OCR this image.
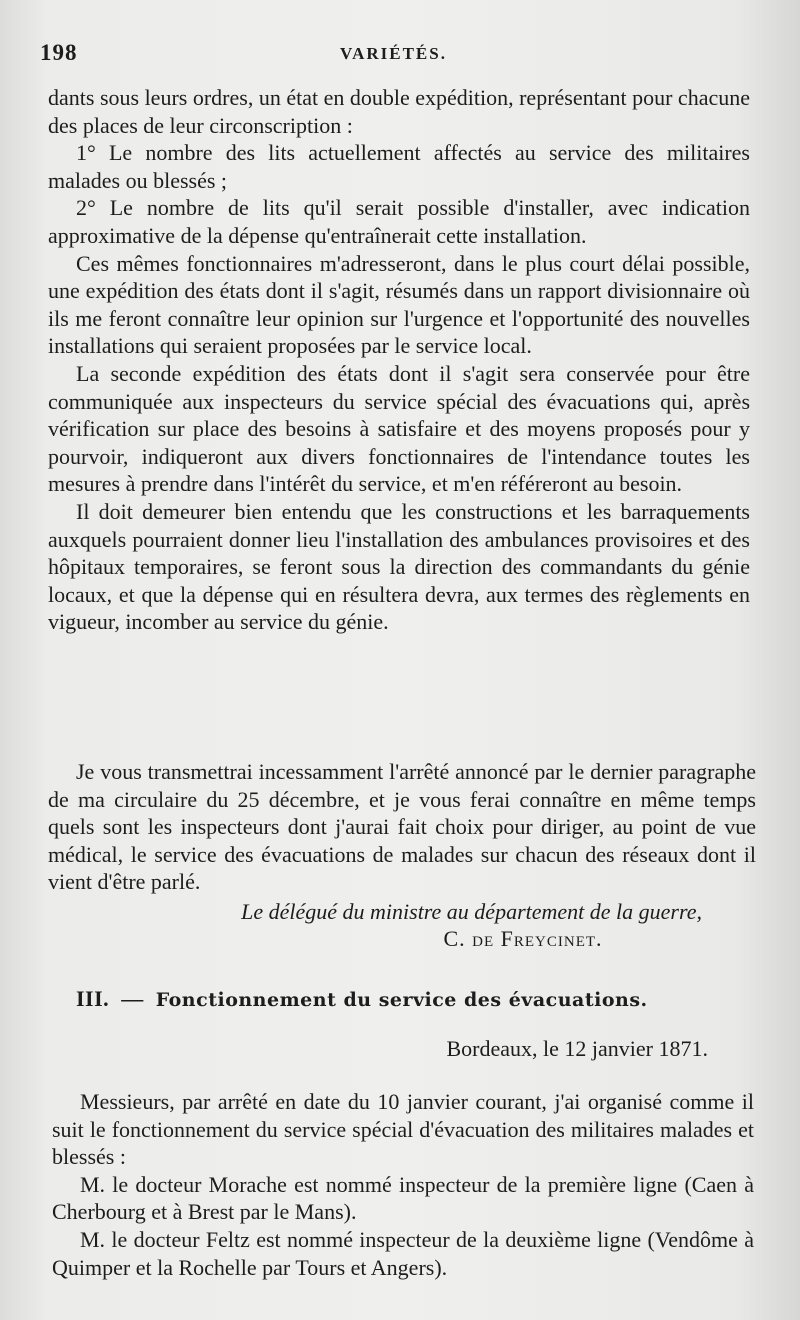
198	VARIÉTÉS.

dants sous leurs ordres, un état en double expédition, représentant pour chacune des places de leur circonscription :

1° Le nombre des lits actuellement affectés au service des militaires malades ou blessés ;

2° Le nombre de lits qu'il serait possible d'installer, avec indication approximative de la dépense qu'entraînerait cette installation.

Ces mêmes fonctionnaires m'adresseront, dans le plus court délai possible, une expédition des états dont il s'agit, résumés dans un rapport divisionnaire où ils me feront connaître leur opinion sur l'urgence et l'opportunité des nouvelles installations qui seraient proposées par le service local.

La seconde expédition des états dont il s'agit sera conservée pour être communiquée aux inspecteurs du service spécial des évacuations qui, après vérification sur place des besoins à satisfaire et des moyens proposés pour y pourvoir, indiqueront aux divers fonctionnaires de l'intendance toutes les mesures à prendre dans l'intérêt du service, et m'en référeront au besoin.

Il doit demeurer bien entendu que les constructions et les barraquements auxquels pourraient donner lieu l'installation des ambulances provisoires et des hôpitaux temporaires, se feront sous la direction des commandants du génie locaux, et que la dépense qui en résultera devra, aux termes des règlements en vigueur, incomber au service du génie.

Je vous transmettrai incessamment l'arrêté annoncé par le dernier paragraphe de ma circulaire du 25 décembre, et je vous ferai connaître en même temps quels sont les inspecteurs dont j'aurai fait choix pour diriger, au point de vue médical, le service des évacuations de malades sur chacun des réseaux dont il vient d'être parlé.

Le délégué du ministre au département de la guerre,
C. de Freycinet.
III. — Fonctionnement du service des évacuations.
Bordeaux, le 12 janvier 1871.

Messieurs, par arrêté en date du 10 janvier courant, j'ai organisé comme il suit le fonctionnement du service spécial d'évacuation des militaires malades et blessés :

M. le docteur Morache est nommé inspecteur de la première ligne (Caen à Cherbourg et à Brest par le Mans).

M. le docteur Feltz est nommé inspecteur de la deuxième ligne (Vendôme à Quimper et la Rochelle par Tours et Angers).
